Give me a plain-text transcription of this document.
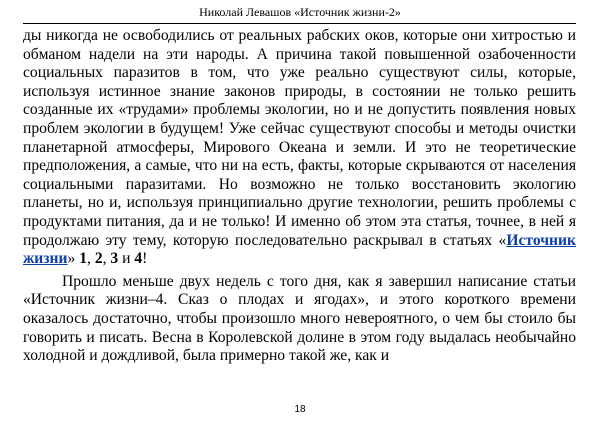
Николай Левашов «Источник жизни-2»

ды никогда не освободились от реальных рабских оков, которые они хитростью и обманом надели на эти народы. А причина такой повышенной озабоченности социальных паразитов в том, что уже реально существуют силы, которые, используя истинное знание законов природы, в состоянии не только решить созданные их «трудами» проблемы экологии, но и не допустить появления новых проблем экологии в будущем! Уже сейчас существуют способы и методы очистки планетарной атмосферы, Мирового Океана и земли. И это не теоретические предположения, а самые, что ни на есть, факты, которые скрываются от населения социальными паразитами. Но возможно не только восстановить экологию планеты, но и, используя принципиально другие технологии, решить проблемы с продуктами питания, да и не только! И именно об этом эта статья, точнее, в ней я продолжаю эту тему, которую последовательно раскрывал в статьях «Источник жизни» 1, 2, 3 и 4!

Прошло меньше двух недель с того дня, как я завершил написание статьи «Источник жизни–4. Сказ о плодах и ягодах», и этого короткого времени оказалось достаточно, чтобы произошло много невероятного, о чем бы стоило бы говорить и писать. Весна в Королевской долине в этом году выдалась необычайно холодной и дождливой, была примерно такой же, как и

18
